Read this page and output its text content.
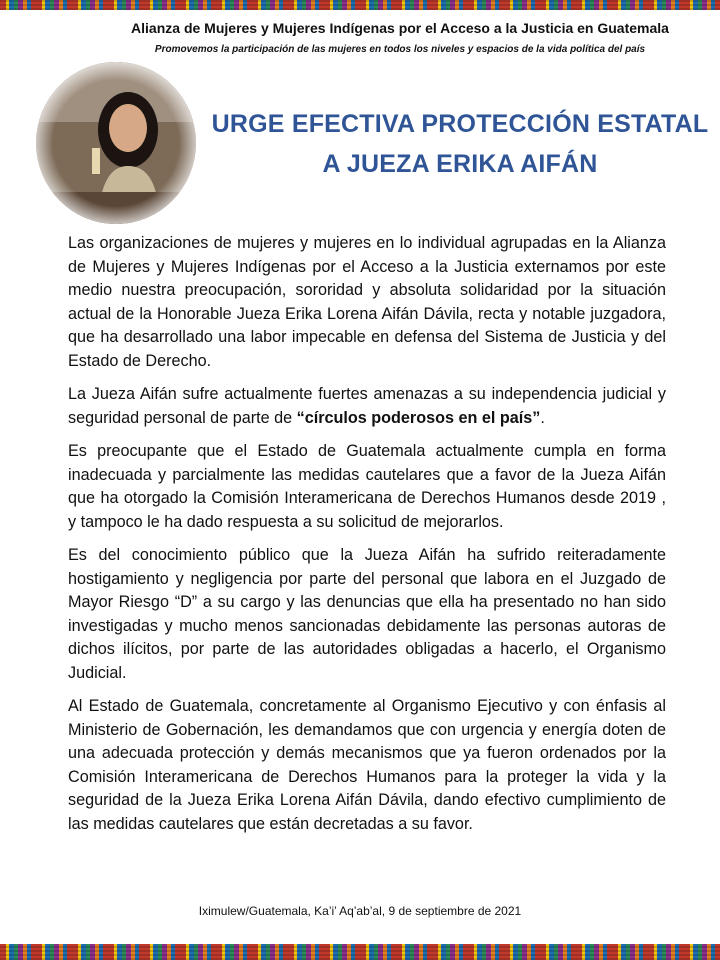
Alianza de Mujeres y Mujeres Indígenas por el Acceso a la Justicia en Guatemala
Promovemos la participación de las mujeres en todos los niveles y espacios de la vida política del país
URGE EFECTIVA PROTECCIÓN ESTATAL
A JUEZA ERIKA AIFÁN

Las organizaciones de mujeres y mujeres en lo individual agrupadas en la Alianza de Mujeres y Mujeres Indígenas por el Acceso a la Justicia externamos por este medio nuestra preocupación, sororidad y absoluta solidaridad por la situación actual de la Honorable Jueza Erika Lorena Aifán Dávila, recta y notable juzgadora, que ha desarrollado una labor impecable en defensa del Sistema de Justicia y del Estado de Derecho.

La Jueza Aifán sufre actualmente fuertes amenazas a su independencia judicial y seguridad personal de parte de “círculos poderosos en el país”.

Es preocupante que el Estado de Guatemala actualmente cumpla en forma inadecuada y parcialmente las medidas cautelares que a favor de la Jueza Aifán que ha otorgado la Comisión Interamericana de Derechos Humanos desde 2019 , y tampoco le ha dado respuesta a su solicitud de mejorarlos.

Es del conocimiento público que la Jueza Aifán ha sufrido reiteradamente hostigamiento y negligencia por parte del personal que labora en el Juzgado de Mayor Riesgo “D” a su cargo y las denuncias que ella ha presentado no han sido investigadas y mucho menos sancionadas debidamente las personas autoras de dichos ilícitos, por parte de las autoridades obligadas a hacerlo, el Organismo Judicial.

Al Estado de Guatemala, concretamente al Organismo Ejecutivo y con énfasis al Ministerio de Gobernación, les demandamos que con urgencia y energía doten de una adecuada protección y demás mecanismos que ya fueron ordenados por la Comisión Interamericana de Derechos Humanos para la proteger la vida y la seguridad de la Jueza Erika Lorena Aifán Dávila, dando efectivo cumplimiento de las medidas cautelares que están decretadas a su favor.

Iximulew/Guatemala, Ka’i’ Aq’ab’al, 9 de septiembre de 2021
